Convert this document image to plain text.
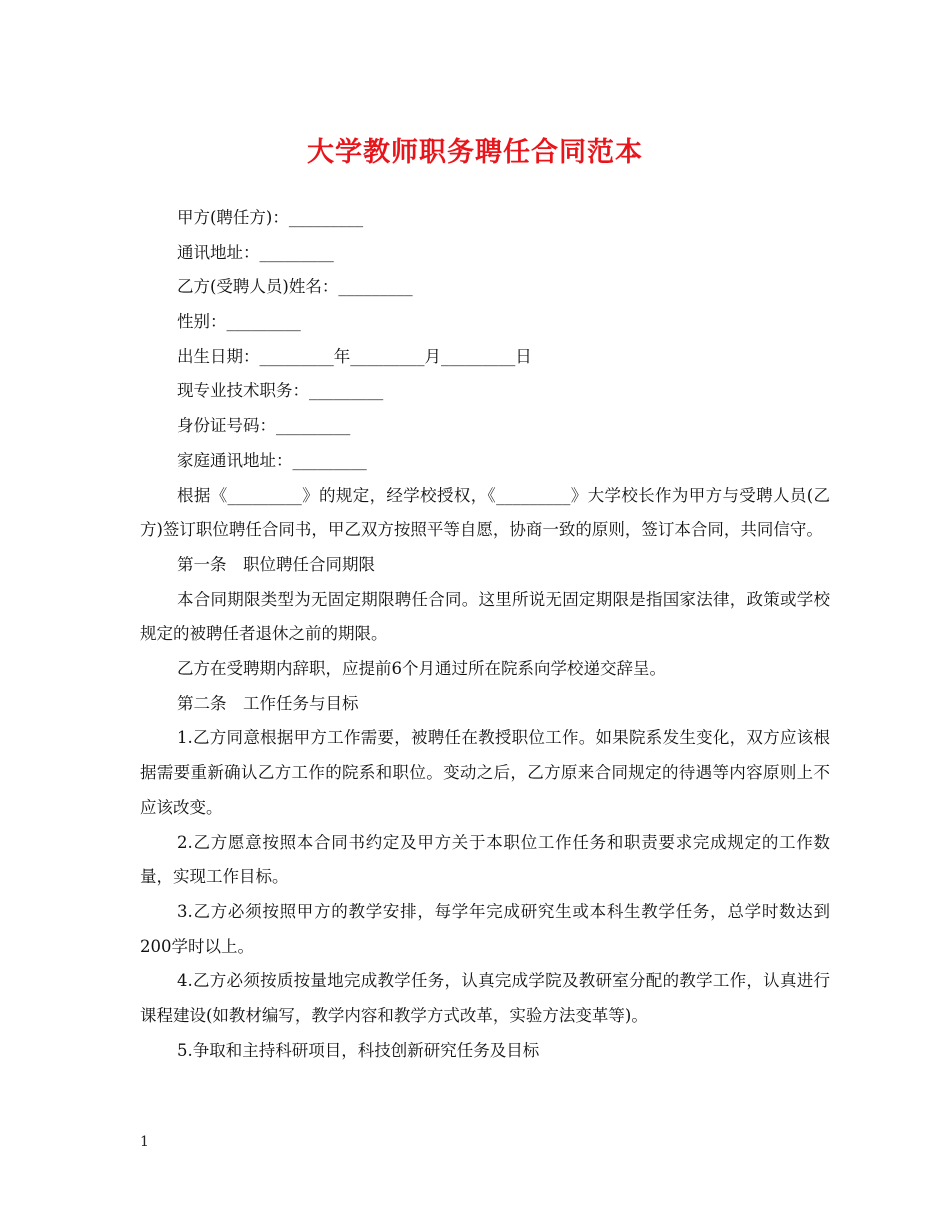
大学教师职务聘任合同范本
甲方(聘任方)：_________
通讯地址：_________
乙方(受聘人员)姓名：_________
性别：_________
出生日期：_________年_________月_________日
现专业技术职务：_________
身份证号码：_________
家庭通讯地址：_________
根据《_________》的规定，经学校授权，《_________》大学校长作为甲方与受聘人员(乙方)签订职位聘任合同书，甲乙双方按照平等自愿，协商一致的原则，签订本合同，共同信守。
第一条　职位聘任合同期限
本合同期限类型为无固定期限聘任合同。这里所说无固定期限是指国家法律，政策或学校规定的被聘任者退休之前的期限。
乙方在受聘期内辞职，应提前6个月通过所在院系向学校递交辞呈。
第二条　工作任务与目标
1.乙方同意根据甲方工作需要，被聘任在教授职位工作。如果院系发生变化，双方应该根据需要重新确认乙方工作的院系和职位。变动之后，乙方原来合同规定的待遇等内容原则上不应该改变。
2.乙方愿意按照本合同书约定及甲方关于本职位工作任务和职责要求完成规定的工作数量，实现工作目标。
3.乙方必须按照甲方的教学安排，每学年完成研究生或本科生教学任务，总学时数达到200学时以上。
4.乙方必须按质按量地完成教学任务，认真完成学院及教研室分配的教学工作，认真进行课程建设(如教材编写，教学内容和教学方式改革，实验方法变革等)。
5.争取和主持科研项目，科技创新研究任务及目标
1
